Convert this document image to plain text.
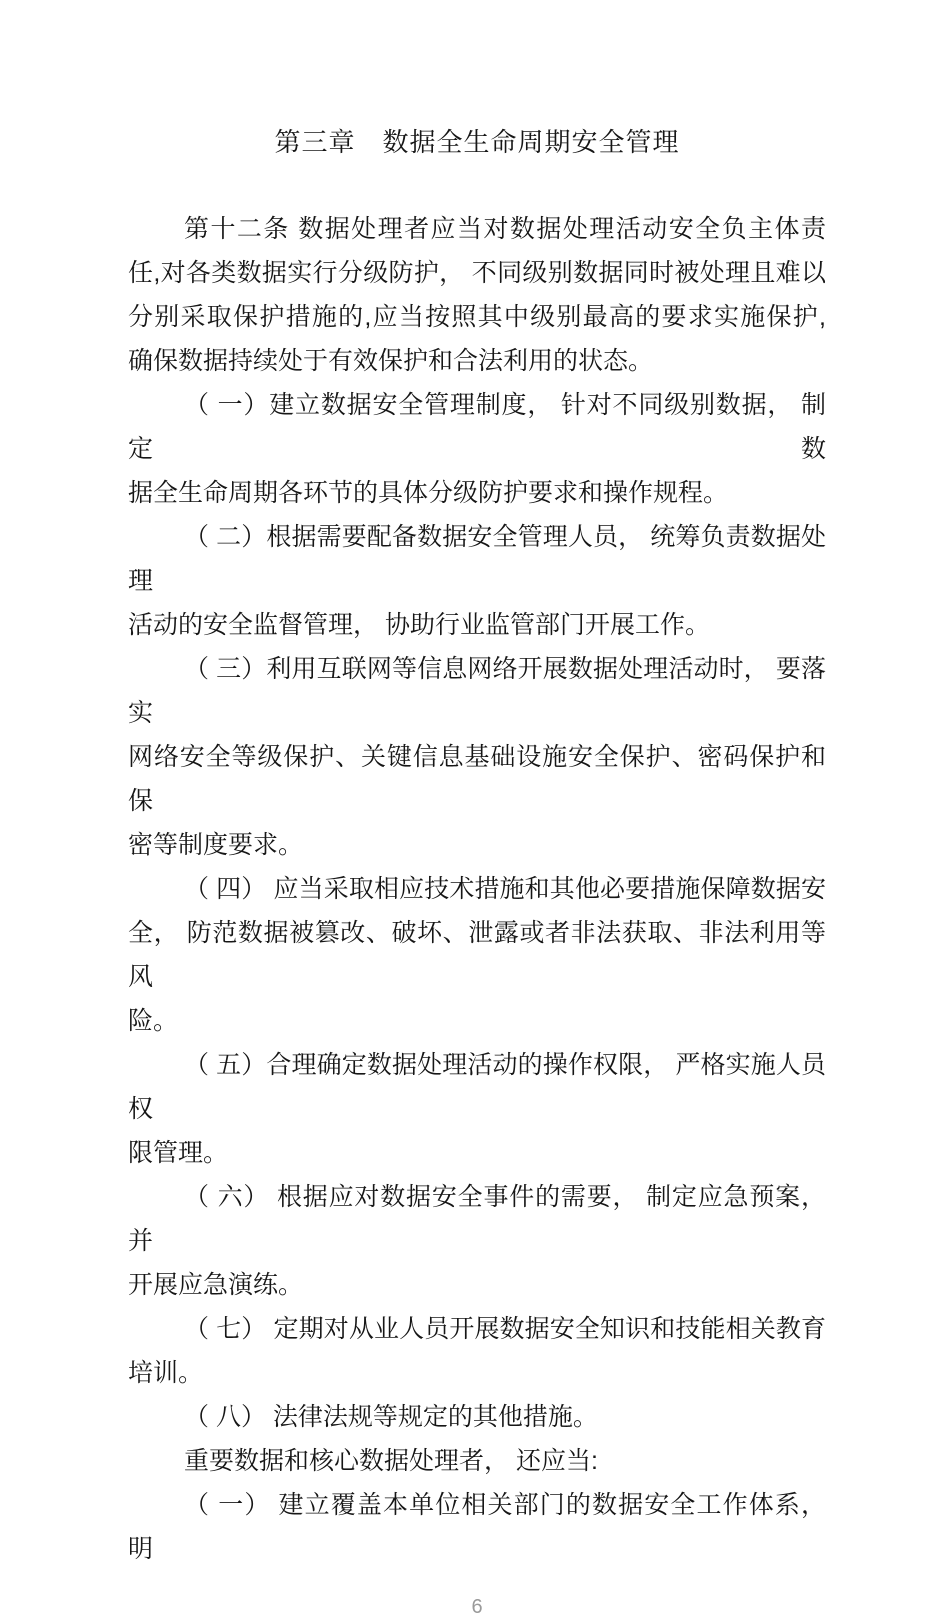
第三章　数据全生命周期安全管理
第十二条 数据处理者应当对数据处理活动安全负主体责
任,对各类数据实行分级防护， 不同级别数据同时被处理且难以
分别采取保护措施的,应当按照其中级别最高的要求实施保护,
确保数据持续处于有效保护和合法利用的状态。
（ 一）建立数据安全管理制度， 针对不同级别数据， 制定数
据全生命周期各环节的具体分级防护要求和操作规程。
（ 二）根据需要配备数据安全管理人员， 统筹负责数据处理
活动的安全监督管理， 协助行业监管部门开展工作。
（ 三）利用互联网等信息网络开展数据处理活动时， 要落实
网络安全等级保护、关键信息基础设施安全保护、密码保护和保
密等制度要求。
（ 四） 应当采取相应技术措施和其他必要措施保障数据安
全， 防范数据被篡改、破坏、泄露或者非法获取、非法利用等风
险。
（ 五）合理确定数据处理活动的操作权限， 严格实施人员权
限管理。
（ 六） 根据应对数据安全事件的需要， 制定应急预案， 并
开展应急演练。
（ 七） 定期对从业人员开展数据安全知识和技能相关教育
培训。
（ 八） 法律法规等规定的其他措施。
重要数据和核心数据处理者， 还应当:
（ 一） 建立覆盖本单位相关部门的数据安全工作体系， 明
6
